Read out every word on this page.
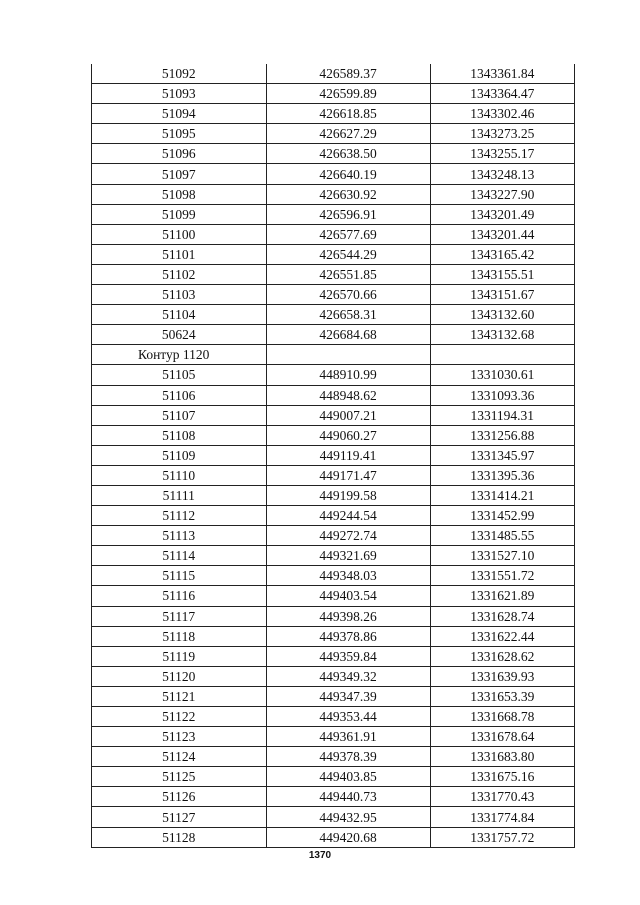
51092	426589.37	1343361.84
51093	426599.89	1343364.47
51094	426618.85	1343302.46
51095	426627.29	1343273.25
51096	426638.50	1343255.17
51097	426640.19	1343248.13
51098	426630.92	1343227.90
51099	426596.91	1343201.49
51100	426577.69	1343201.44
51101	426544.29	1343165.42
51102	426551.85	1343155.51
51103	426570.66	1343151.67
51104	426658.31	1343132.60
50624	426684.68	1343132.68
Контур 1120		
51105	448910.99	1331030.61
51106	448948.62	1331093.36
51107	449007.21	1331194.31
51108	449060.27	1331256.88
51109	449119.41	1331345.97
51110	449171.47	1331395.36
51111	449199.58	1331414.21
51112	449244.54	1331452.99
51113	449272.74	1331485.55
51114	449321.69	1331527.10
51115	449348.03	1331551.72
51116	449403.54	1331621.89
51117	449398.26	1331628.74
51118	449378.86	1331622.44
51119	449359.84	1331628.62
51120	449349.32	1331639.93
51121	449347.39	1331653.39
51122	449353.44	1331668.78
51123	449361.91	1331678.64
51124	449378.39	1331683.80
51125	449403.85	1331675.16
51126	449440.73	1331770.43
51127	449432.95	1331774.84
51128	449420.68	1331757.72
1370
